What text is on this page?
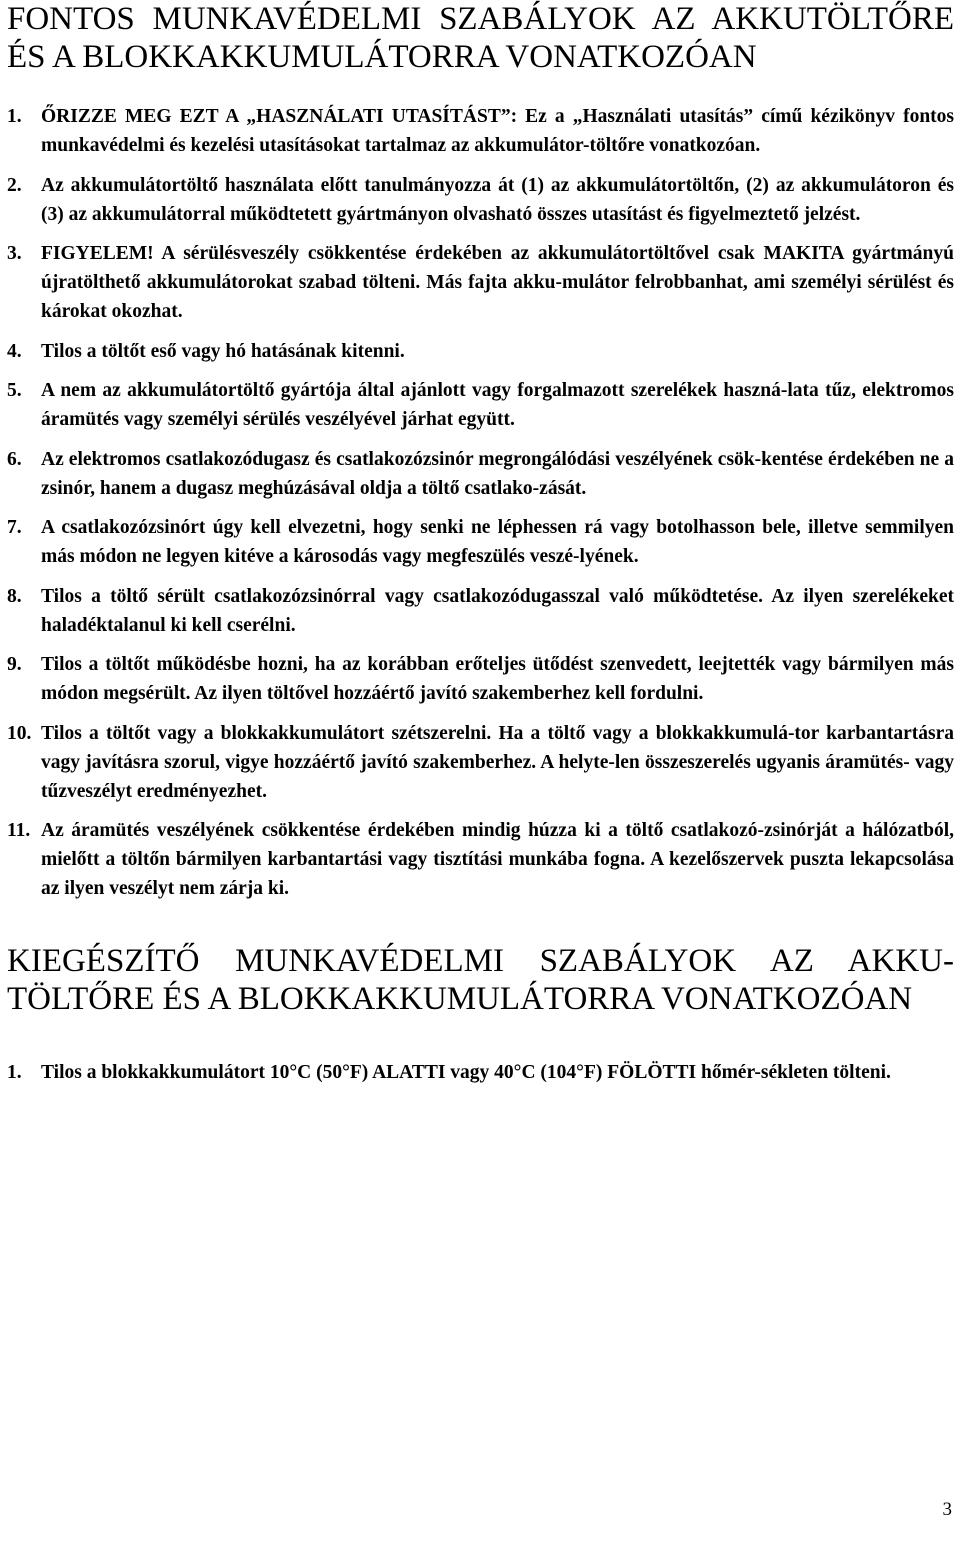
FONTOS MUNKAVÉDELMI SZABÁLYOK AZ AKKUTÖLTŐRE ÉS A BLOKKAKKUMULÁTORRA VONATKOZÓAN
1. ŐRIZZE MEG EZT A „HASZNÁLATI UTASÍTÁST”: Ez a „Használati utasítás” című kézikönyv fontos munkavédelmi és kezelési utasításokat tartalmaz az akkumulátor-töltőre vonatkozóan.
2. Az akkumulátortöltő használata előtt tanulmányozza át (1) az akkumulátortöltőn, (2) az akkumulátoron és (3) az akkumulátorral működtetett gyártmányon olvasható összes utasítást és figyelmeztető jelzést.
3. FIGYELEM! A sérülésveszély csökkentése érdekében az akkumulátortöltővel csak MAKITA gyártmányú újratölthető akkumulátorokat szabad tölteni. Más fajta akku-mulátor felrobbanhat, ami személyi sérülést és károkat okozhat.
4. Tilos a töltőt eső vagy hó hatásának kitenni.
5. A nem az akkumulátortöltő gyártója által ajánlott vagy forgalmazott szerelékek haszná-lata tűz, elektromos áramütés vagy személyi sérülés veszélyével járhat együtt.
6. Az elektromos csatlakozódugasz és csatlakozózsinór megrongálódási veszélyének csök-kentése érdekében ne a zsinór, hanem a dugasz meghúzásával oldja a töltő csatlako-zását.
7. A csatlakozózsinórt úgy kell elvezetni, hogy senki ne léphessen rá vagy botolhasson bele, illetve semmilyen más módon ne legyen kitéve a károsodás vagy megfeszülés veszé-lyének.
8. Tilos a töltő sérült csatlakozózsinórral vagy csatlakozódugasszal való működtetése. Az ilyen szerelékeket haladéktalanul ki kell cserélni.
9. Tilos a töltőt működésbe hozni, ha az korábban erőteljes ütődést szenvedett, leejtették vagy bármilyen más módon megsérült. Az ilyen töltővel hozzáértő javító szakemberhez kell fordulni.
10. Tilos a töltőt vagy a blokkakkumulátort szétszerelni. Ha a töltő vagy a blokkakkumulá-tor karbantartásra vagy javításra szorul, vigye hozzáértő javító szakemberhez. A helyte-len összeszerelés ugyanis áramütés- vagy tűzveszélyt eredményezhet.
11. Az áramütés veszélyének csökkentése érdekében mindig húzza ki a töltő csatlakozó-zsinórját a hálózatból, mielőtt a töltőn bármilyen karbantartási vagy tisztítási munkába fogna. A kezelőszervek puszta lekapcsolása az ilyen veszélyt nem zárja ki.
KIEGÉSZÍTŐ MUNKAVÉDELMI SZABÁLYOK AZ AKKU-TÖLTŐRE ÉS A BLOKKAKKUMULÁTORRA VONATKOZÓAN
1. Tilos a blokkakkumulátort 10°C (50°F) ALATTI vagy 40°C (104°F) FÖLÖTTI hőmér-sékleten tölteni.
3
